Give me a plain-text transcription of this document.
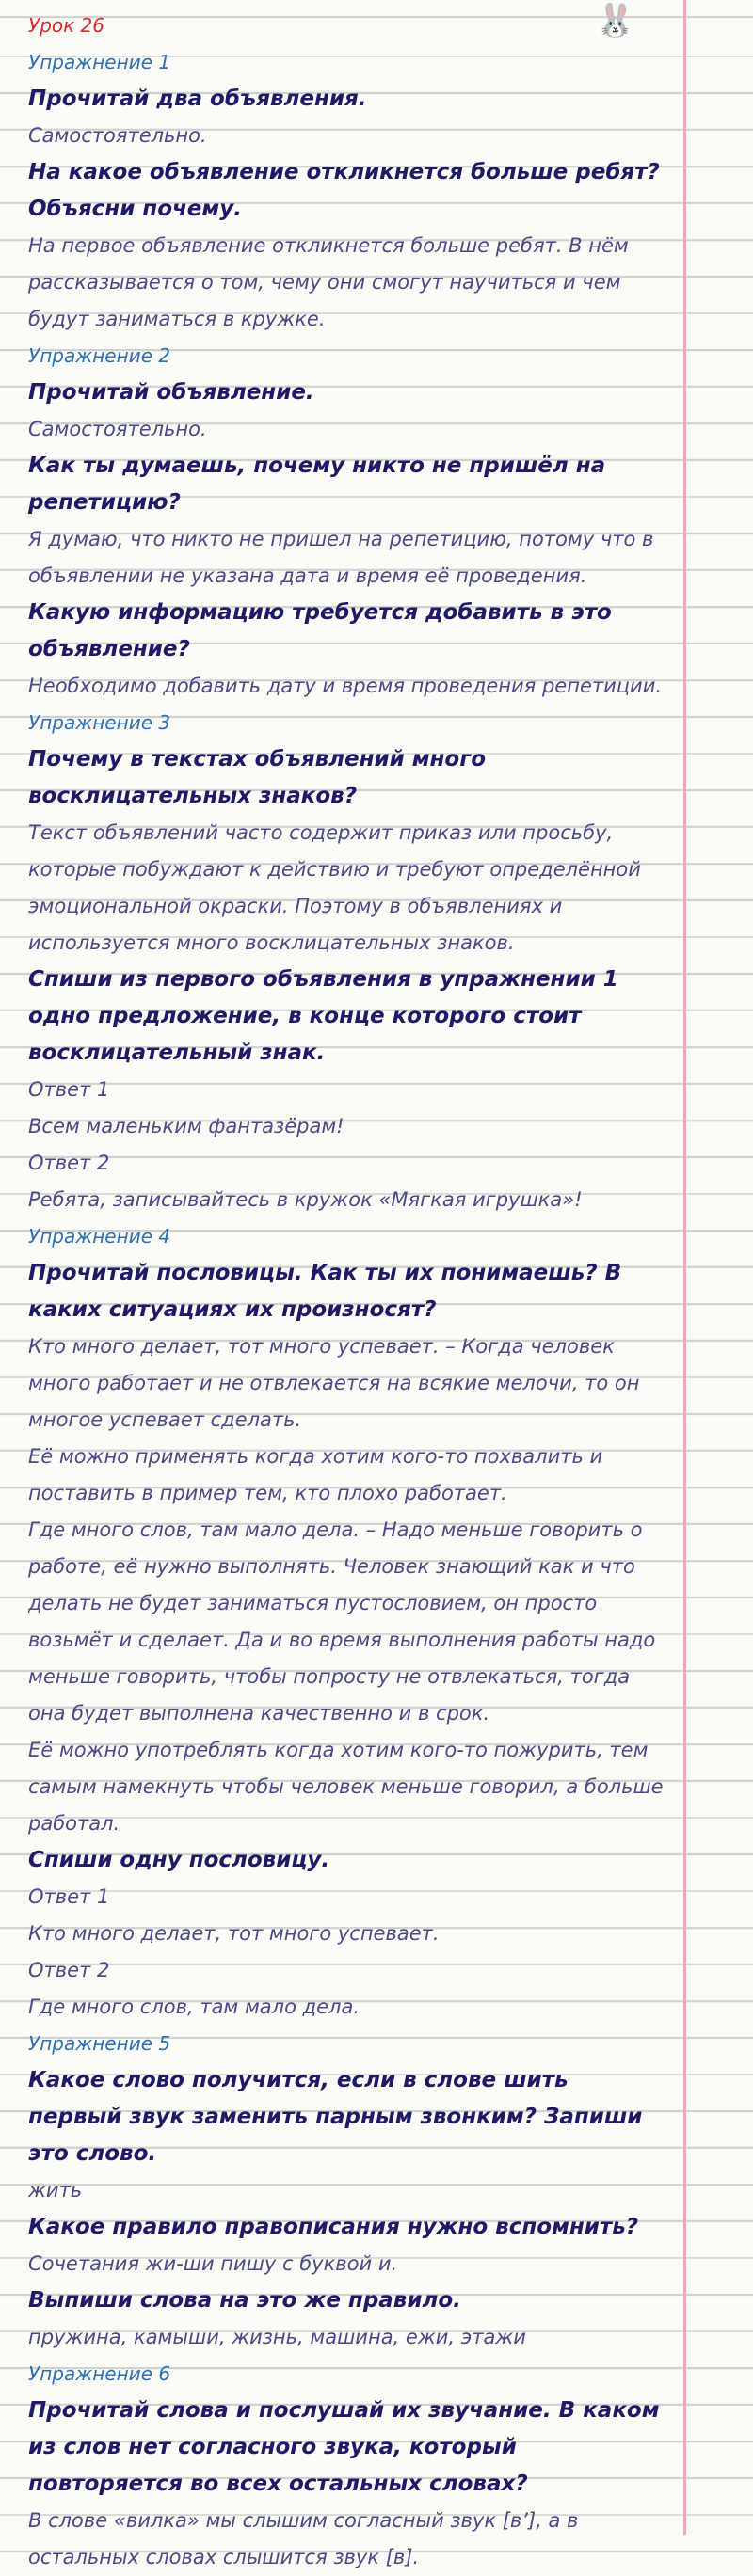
🐰
Урок 26
Упражнение 1
Прочитай два объявления.
Самостоятельно.
На какое объявление откликнется больше ребят? Объясни почему.
На первое объявление откликнется больше ребят. В нём рассказывается о том, чему они смогут научиться и чем будут заниматься в кружке.
Упражнение 2
Прочитай объявление.
Самостоятельно.
Как ты думаешь, почему никто не пришёл на репетицию?
Я думаю, что никто не пришел на репетицию, потому что в объявлении не указана дата и время её проведения.
Какую информацию требуется добавить в это объявление?
Необходимо добавить дату и время проведения репетиции.
Упражнение 3
Почему в текстах объявлений много восклицательных знаков?
Текст объявлений часто содержит приказ или просьбу, которые побуждают к действию и требуют определённой эмоциональной окраски. Поэтому в объявлениях и используется много восклицательных знаков.
Спиши из первого объявления в упражнении 1 одно предложение, в конце которого стоит восклицательный знак.
Ответ 1
Всем маленьким фантазёрам!
Ответ 2
Ребята, записывайтесь в кружок «Мягкая игрушка»!
Упражнение 4
Прочитай пословицы. Как ты их понимаешь? В каких ситуациях их произносят?
Кто много делает, тот много успевает. – Когда человек много работает и не отвлекается на всякие мелочи, то он многое успевает сделать.
Её можно применять когда хотим кого-то похвалить и поставить в пример тем, кто плохо работает.
Где много слов, там мало дела. – Надо меньше говорить о работе, её нужно выполнять. Человек знающий как и что делать не будет заниматься пустословием, он просто возьмёт и сделает. Да и во время выполнения работы надо меньше говорить, чтобы попросту не отвлекаться, тогда она будет выполнена качественно и в срок.
Её можно употреблять когда хотим кого-то пожурить, тем самым намекнуть чтобы человек меньше говорил, а больше работал.
Спиши одну пословицу.
Ответ 1
Кто много делает, тот много успевает.
Ответ 2
Где много слов, там мало дела.
Упражнение 5
Какое слово получится, если в слове шить первый звук заменить парным звонким? Запиши это слово.
жить
Какое правило правописания нужно вспомнить?
Сочетания жи-ши пишу с буквой и.
Выпиши слова на это же правило.
пружина, камыши, жизнь, машина, ежи, этажи
Упражнение 6
Прочитай слова и послушай их звучание. В каком из слов нет согласного звука, который повторяется во всех остальных словах?
В слове «вилка» мы слышим согласный звук [в’], а в остальных словах слышится звук [в].
